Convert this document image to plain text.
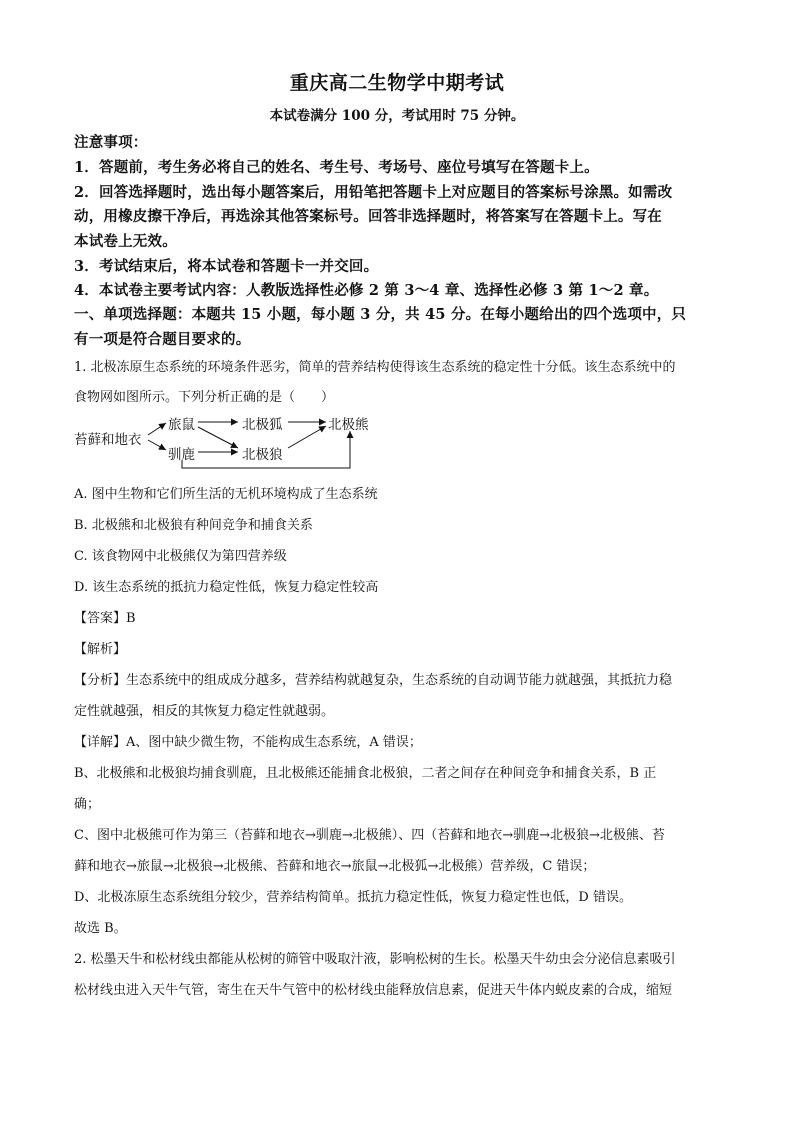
重庆高二生物学中期考试
本试卷满分 100 分，考试用时 75 分钟。
注意事项：
1．答题前，考生务必将自己的姓名、考生号、考场号、座位号填写在答题卡上。
2．回答选择题时，选出每小题答案后，用铅笔把答题卡上对应题目的答案标号涂黑。如需改
动，用橡皮擦干净后，再选涂其他答案标号。回答非选择题时，将答案写在答题卡上。写在
本试卷上无效。
3．考试结束后，将本试卷和答题卡一并交回。
4．本试卷主要考试内容：人教版选择性必修 2 第 3～4 章、选择性必修 3 第 1～2 章。
一、单项选择题：本题共 15 小题，每小题 3 分，共 45 分。在每小题给出的四个选项中，只
有一项是符合题目要求的。
1. 北极冻原生态系统的环境条件恶劣，简单的营养结构使得该生态系统的稳定性十分低。该生态系统中的
食物网如图所示。下列分析正确的是（　　）
苔藓和地衣
旅鼠
驯鹿
北极狐
北极狼
北极熊
A. 图中生物和它们所生活的无机环境构成了生态系统
B. 北极熊和北极狼有种间竞争和捕食关系
C. 该食物网中北极熊仅为第四营养级
D. 该生态系统的抵抗力稳定性低，恢复力稳定性较高
【答案】B
【解析】
【分析】生态系统中的组成成分越多，营养结构就越复杂，生态系统的自动调节能力就越强，其抵抗力稳
定性就越强，相反的其恢复力稳定性就越弱。
【详解】A、图中缺少微生物，不能构成生态系统，A 错误；
B、北极熊和北极狼均捕食驯鹿，且北极熊还能捕食北极狼，二者之间存在种间竞争和捕食关系，B 正
确；
C、图中北极熊可作为第三（苔藓和地衣→驯鹿→北极熊）、四（苔藓和地衣→驯鹿→北极狼→北极熊、苔
藓和地衣→旅鼠→北极狼→北极熊、苔藓和地衣→旅鼠→北极狐→北极熊）营养级，C 错误；
D、北极冻原生态系统组分较少，营养结构简单。抵抗力稳定性低，恢复力稳定性也低，D 错误。
故选 B。
2. 松墨天牛和松材线虫都能从松树的筛管中吸取汁液，影响松树的生长。松墨天牛幼虫会分泌信息素吸引
松材线虫进入天牛气管，寄生在天牛气管中的松材线虫能释放信息素，促进天牛体内蜕皮素的合成，缩短
